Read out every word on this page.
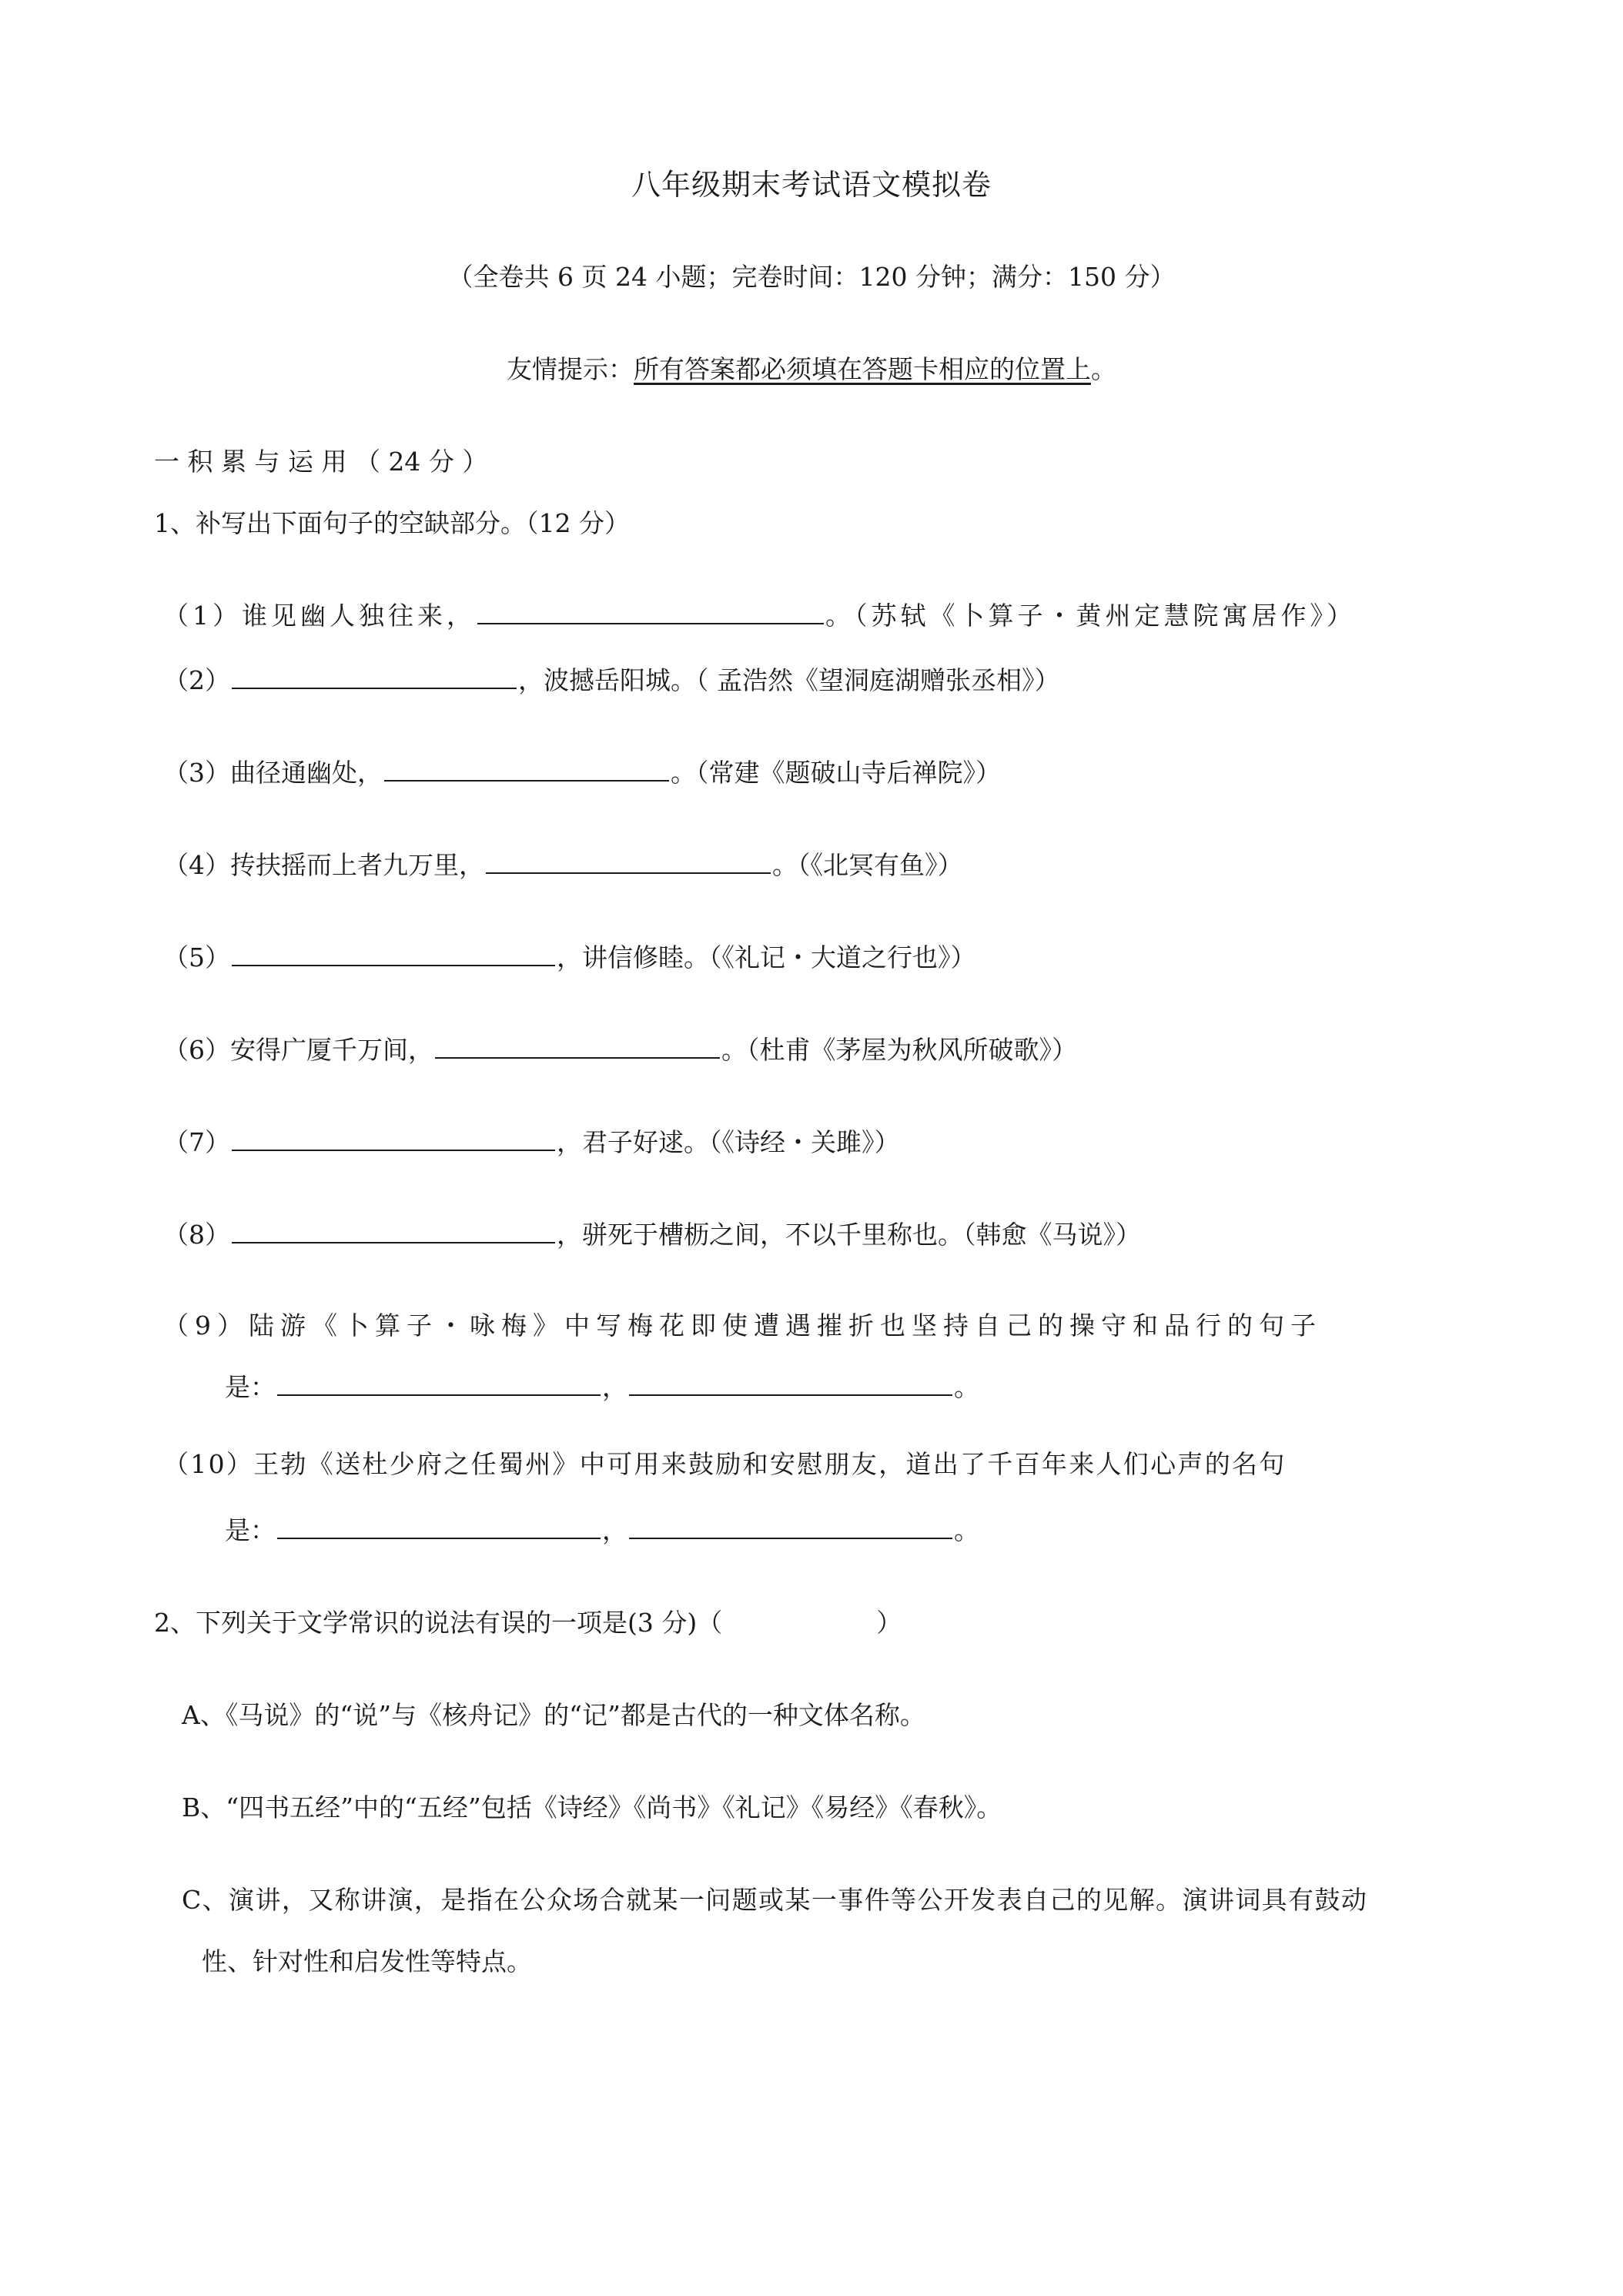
八年级期末考试语文模拟卷
（全卷共 6 页 24 小题；完卷时间：120 分钟；满分：150 分）
友情提示：所有答案都必须填在答题卡相应的位置上。
一 积 累 与 运 用 （ 24 分 ）
1、补写出下面句子的空缺部分。（12 分）
（1）谁见幽人独往来，	。（苏轼《卜算子・黄州定慧院寓居作》）
（2）	，波撼岳阳城。（ 孟浩然《望洞庭湖赠张丞相》）
（3）曲径通幽处，	。（常建《题破山寺后禅院》）
（4）抟扶摇而上者九万里，	。（《北冥有鱼》）
（5）	，讲信修睦。（《礼记・大道之行也》）
（6）安得广厦千万间，	。（杜甫《茅屋为秋风所破歌》）
（7）	，君子好逑。（《诗经・关雎》）
（8）	，骈死于槽枥之间，不以千里称也。（韩愈《马说》）
（9）陆游《卜算子・咏梅》中写梅花即使遭遇摧折也坚持自己的操守和品行的句子
是：	，	。
（10）王勃《送杜少府之任蜀州》中可用来鼓励和安慰朋友，道出了千百年来人们心声的名句
是：	，	。
2、下列关于文学常识的说法有误的一项是(3 分)（	）
A、《马说》的“说”与《核舟记》的“记”都是古代的一种文体名称。
B、“四书五经”中的“五经”包括《诗经》《尚书》《礼记》《易经》《春秋》。
C、演讲，又称讲演，是指在公众场合就某一问题或某一事件等公开发表自己的见解。演讲词具有鼓动
性、针对性和启发性等特点。
